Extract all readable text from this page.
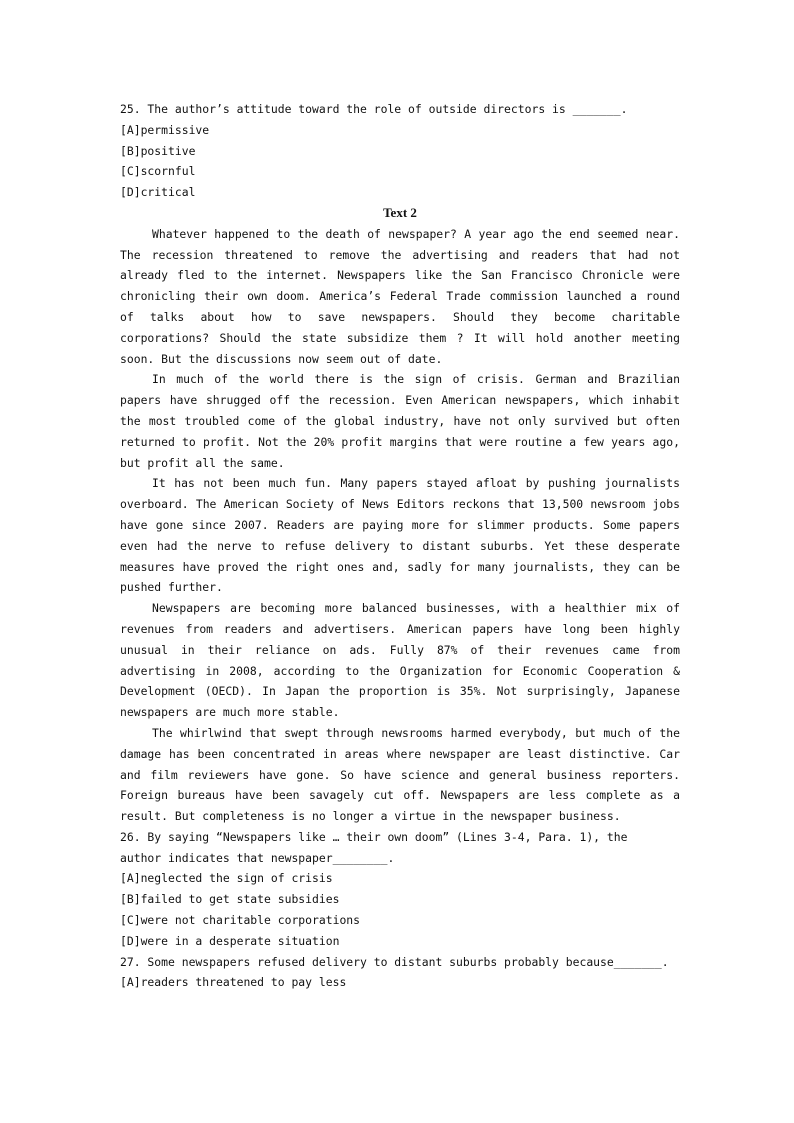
25. The author’s attitude toward the role of outside directors is _______.
[A]permissive
[B]positive
[C]scornful
[D]critical
Text 2
Whatever happened to the death of newspaper? A year ago the end seemed near. The recession threatened to remove the advertising and readers that had not already fled to the internet. Newspapers like the San Francisco Chronicle were chronicling their own doom. America’s Federal Trade commission launched a round of talks about how to save newspapers. Should they become charitable corporations? Should the state subsidize them ? It will hold another meeting soon. But the discussions now seem out of date.
In much of the world there is the sign of crisis. German and Brazilian papers have shrugged off the recession. Even American newspapers, which inhabit the most troubled come of the global industry, have not only survived but often returned to profit. Not the 20% profit margins that were routine a few years ago, but profit all the same.
It has not been much fun. Many papers stayed afloat by pushing journalists overboard. The American Society of News Editors reckons that 13,500 newsroom jobs have gone since 2007. Readers are paying more for slimmer products. Some papers even had the nerve to refuse delivery to distant suburbs. Yet these desperate measures have proved the right ones and, sadly for many journalists, they can be pushed further.
Newspapers are becoming more balanced businesses, with a healthier mix of revenues from readers and advertisers. American papers have long been highly unusual in their reliance on ads. Fully 87% of their revenues came from advertising in 2008, according to the Organization for Economic Cooperation & Development (OECD). In Japan the proportion is 35%. Not surprisingly, Japanese newspapers are much more stable.
The whirlwind that swept through newsrooms harmed everybody, but much of the damage has been concentrated in areas where newspaper are least distinctive. Car and film reviewers have gone. So have science and general business reporters. Foreign bureaus have been savagely cut off. Newspapers are less complete as a result. But completeness is no longer a virtue in the newspaper business.
26. By saying “Newspapers like … their own doom” (Lines 3-4, Para. 1), the
author indicates that newspaper________.
[A]neglected the sign of crisis
[B]failed to get state subsidies
[C]were not charitable corporations
[D]were in a desperate situation
27. Some newspapers refused delivery to distant suburbs probably because_______.
[A]readers threatened to pay less
